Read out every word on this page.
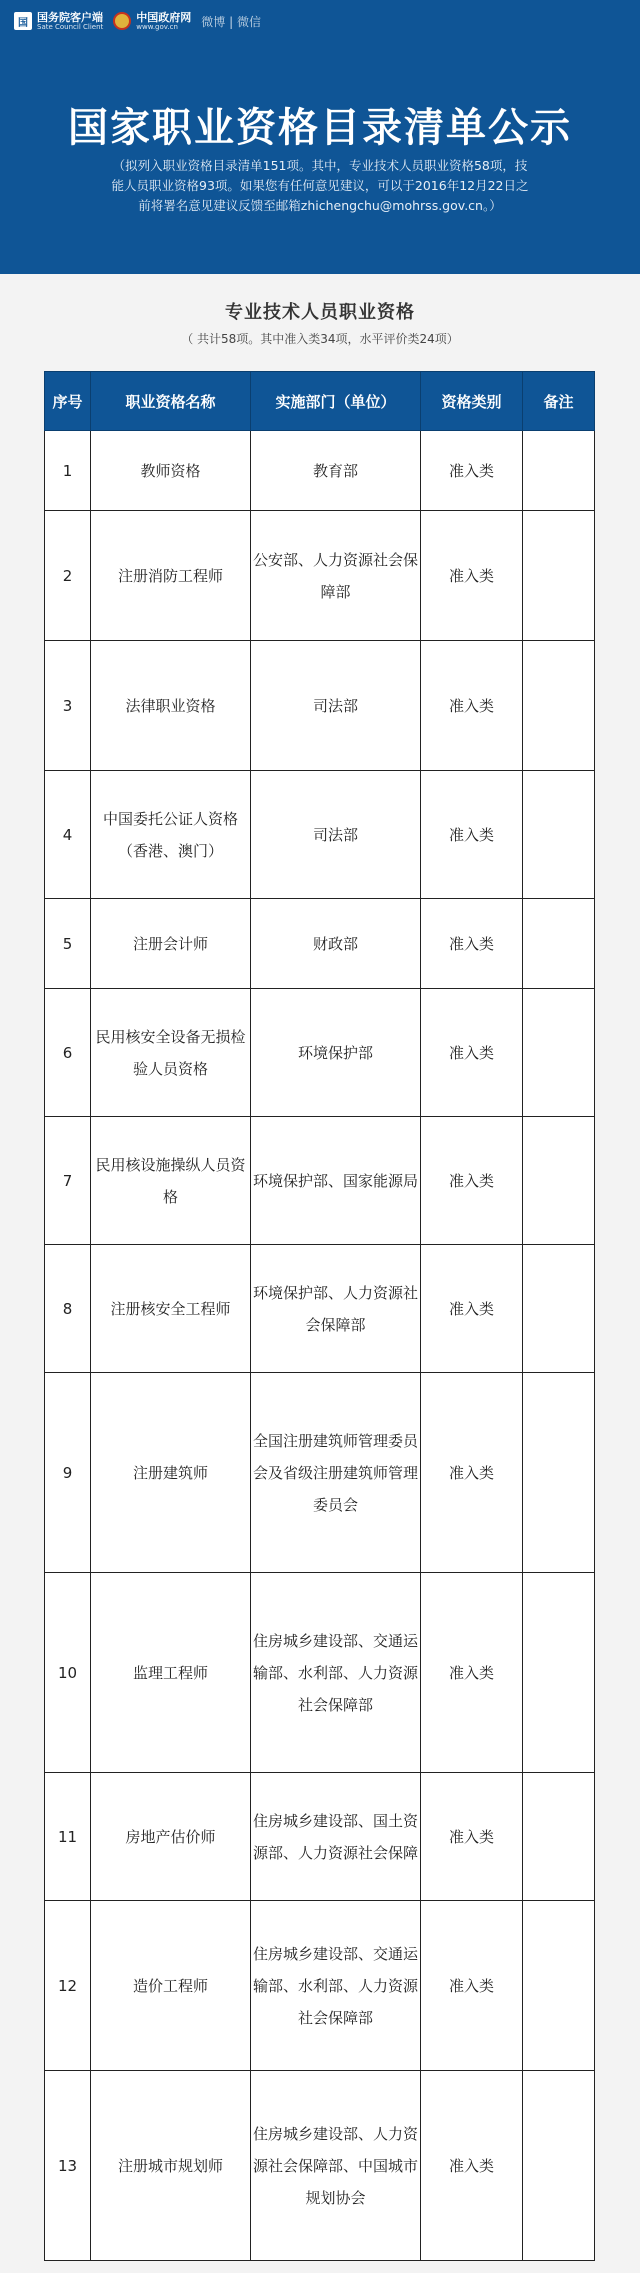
国 国务院客户端
Sate Council Client
中国政府网
www.gov.cn	微博 | 微信
国家职业资格目录清单公示
（拟列入职业资格目录清单151项。其中，专业技术人员职业资格58项，技能人员职业资格93项。如果您有任何意见建议，可以于2016年12月22日之前将署名意见建议反馈至邮箱zhichengchu@mohrss.gov.cn。）
专业技术人员职业资格
（ 共计58项。其中准入类34项，水平评价类24项）
序号	职业资格名称	实施部门（单位）	资格类别	备注
1	教师资格	教育部	准入类	
2	注册消防工程师	公安部、人力资源社会保障部	准入类	
3	法律职业资格	司法部	准入类	
4	中国委托公证人资格（香港、澳门）	司法部	准入类	
5	注册会计师	财政部	准入类	
6	民用核安全设备无损检验人员资格	环境保护部	准入类	
7	民用核设施操纵人员资格	环境保护部、国家能源局	准入类	
8	注册核安全工程师	环境保护部、人力资源社会保障部	准入类	
9	注册建筑师	全国注册建筑师管理委员会及省级注册建筑师管理委员会	准入类	
10	监理工程师	住房城乡建设部、交通运输部、水利部、人力资源社会保障部	准入类	
11	房地产估价师	住房城乡建设部、国土资源部、人力资源社会保障	准入类	
12	造价工程师	住房城乡建设部、交通运输部、水利部、人力资源社会保障部	准入类	
13	注册城市规划师	住房城乡建设部、人力资源社会保障部、中国城市规划协会	准入类	
